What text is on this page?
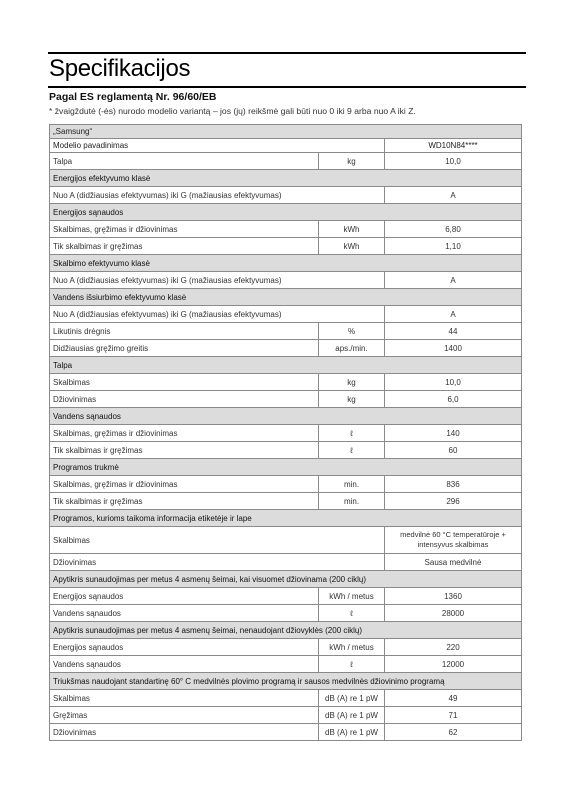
Specifikacijos
Pagal ES reglamentą Nr. 96/60/EB
* žvaigždutė (-ės) nurodo modelio variantą – jos (jų) reikšmė gali būti nuo 0 iki 9 arba nuo A iki Z.
„Samsung“		
Modelio pavadinimas		WD10N84****
Talpa	kg	10,0
Energijos efektyvumo klasė		
Nuo A (didžiausias efektyvumas) iki G (mažiausias efektyvumas)		A
Energijos sąnaudos		
Skalbimas, gręžimas ir džiovinimas	kWh	6,80
Tik skalbimas ir gręžimas	kWh	1,10
Skalbimo efektyvumo klasė		
Nuo A (didžiausias efektyvumas) iki G (mažiausias efektyvumas)		A
Vandens išsiurbimo efektyvumo klasė		
Nuo A (didžiausias efektyvumas) iki G (mažiausias efektyvumas)		A
Likutinis drėgnis	%	44
Didžiausias gręžimo greitis	aps./min.	1400
Talpa		
Skalbimas	kg	10,0
Džiovinimas	kg	6,0
Vandens sąnaudos		
Skalbimas, gręžimas ir džiovinimas	ℓ	140
Tik skalbimas ir gręžimas	ℓ	60
Programos trukmė		
Skalbimas, gręžimas ir džiovinimas	min.	836
Tik skalbimas ir gręžimas	min.	296
Programos, kurioms taikoma informacija etiketėje ir lape		
Skalbimas		medvilnė 60 °C temperatūroje + intensyvus skalbimas
Džiovinimas		Sausa medvilnė
Apytikris sunaudojimas per metus 4 asmenų šeimai, kai visuomet džiovinama (200 ciklų)		
Energijos sąnaudos	kWh / metus	1360
Vandens sąnaudos	ℓ	28000
Apytikris sunaudojimas per metus 4 asmenų šeimai, nenaudojant džiovyklės (200 ciklų)		
Energijos sąnaudos	kWh / metus	220
Vandens sąnaudos	ℓ	12000
Triukšmas naudojant standartinę 60° C medvilnės plovimo programą ir sausos medvilnės džiovinimo programą		
Skalbimas	dB (A) re 1 pW	49
Gręžimas	dB (A) re 1 pW	71
Džiovinimas	dB (A) re 1 pW	62
